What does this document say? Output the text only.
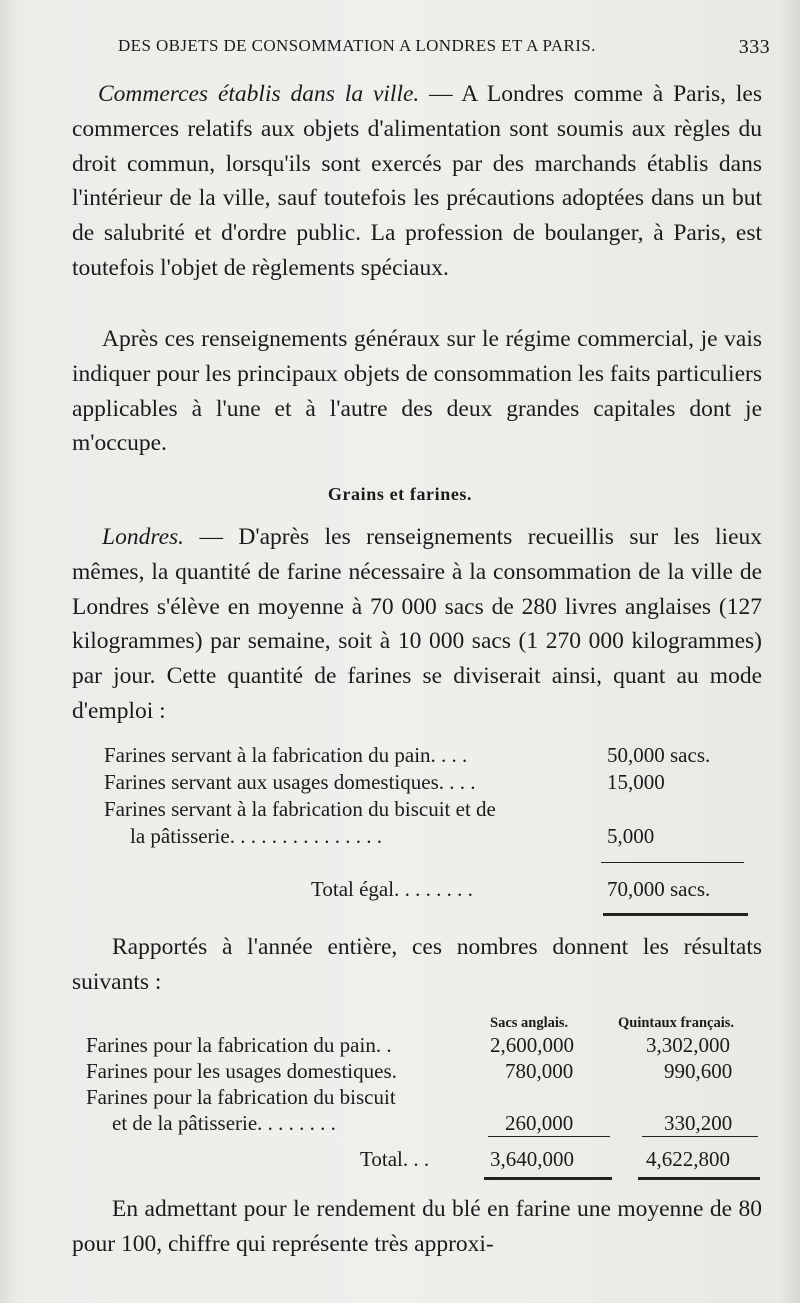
DES OBJETS DE CONSOMMATION A LONDRES ET A PARIS.	333
Commerces établis dans la ville. — A Londres comme à Paris, les commerces relatifs aux objets d'alimentation sont soumis aux règles du droit commun, lorsqu'ils sont exercés par des marchands établis dans l'intérieur de la ville, sauf toutefois les précautions adoptées dans un but de salubrité et d'ordre public. La profession de boulanger, à Paris, est toutefois l'objet de règlements spéciaux.
Après ces renseignements généraux sur le régime commercial, je vais indiquer pour les principaux objets de consommation les faits particuliers applicables à l'une et à l'autre des deux grandes capitales dont je m'occupe.
Grains et farines.
Londres. — D'après les renseignements recueillis sur les lieux mêmes, la quantité de farine nécessaire à la consommation de la ville de Londres s'élève en moyenne à 70 000 sacs de 280 livres anglaises (127 kilogrammes) par semaine, soit à 10 000 sacs (1 270 000 kilogrammes) par jour. Cette quantité de farines se diviserait ainsi, quant au mode d'emploi :
Farines servant à la fabrication du pain. . . .	50,000 sacs.
Farines servant aux usages domestiques. . . .	15,000
Farines servant à la fabrication du biscuit et de
la pâtisserie. . . . . . . . . . . . . . .	5,000
Total égal. . . . . . . .	70,000 sacs.
Rapportés à l'année entière, ces nombres donnent les résultats suivants :
Sacs anglais.	Quintaux français.
Farines pour la fabrication du pain. .	2,600,000	3,302,000
Farines pour les usages domestiques.	780,000	990,600
Farines pour la fabrication du biscuit
et de la pâtisserie. . . . . . . .	260,000	330,200
Total. . .	3,640,000	4,622,800
En admettant pour le rendement du blé en farine une moyenne de 80 pour 100, chiffre qui représente très approxi-
